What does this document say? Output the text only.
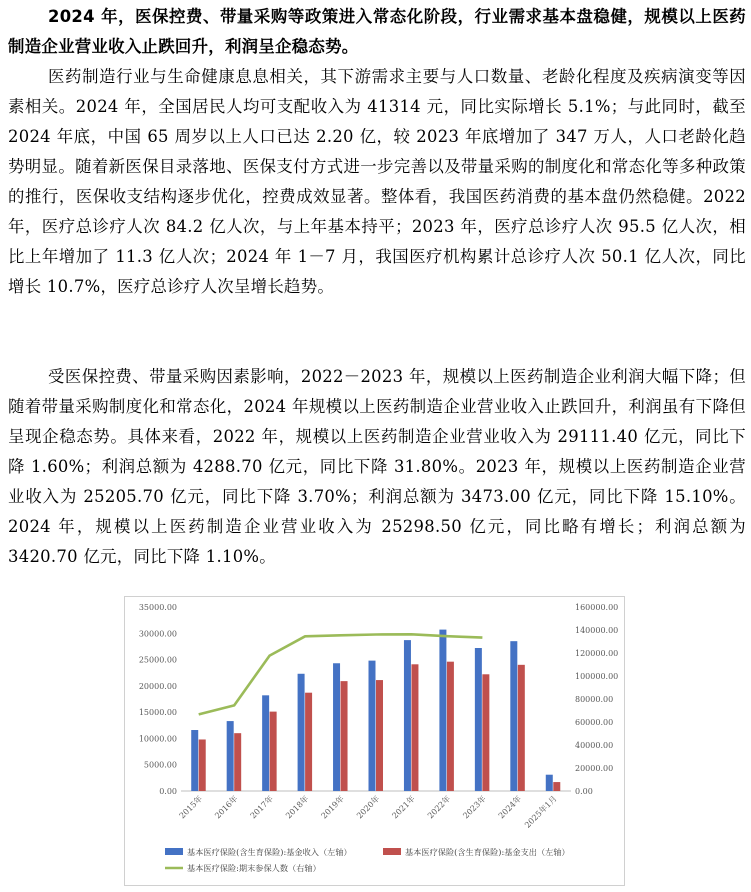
2024 年，医保控费、带量采购等政策进入常态化阶段，行业需求基本盘稳健，规模以上医药制造企业营业收入止跌回升，利润呈企稳态势。

医药制造行业与生命健康息息相关，其下游需求主要与人口数量、老龄化程度及疾病演变等因素相关。2024 年，全国居民人均可支配收入为 41314 元，同比实际增长 5.1%；与此同时，截至 2024 年底，中国 65 周岁以上人口已达 2.20 亿，较 2023 年底增加了 347 万人，人口老龄化趋势明显。随着新医保目录落地、医保支付方式进一步完善以及带量采购的制度化和常态化等多种政策的推行，医保收支结构逐步优化，控费成效显著。整体看，我国医药消费的基本盘仍然稳健。2022 年，医疗总诊疗人次 84.2 亿人次，与上年基本持平；2023 年，医疗总诊疗人次 95.5 亿人次，相比上年增加了 11.3 亿人次；2024 年 1－7 月，我国医疗机构累计总诊疗人次 50.1 亿人次，同比增长 10.7%，医疗总诊疗人次呈增长趋势。

受医保控费、带量采购因素影响，2022－2023 年，规模以上医药制造企业利润大幅下降；但随着带量采购制度化和常态化，2024 年规模以上医药制造企业营业收入止跌回升，利润虽有下降但呈现企稳态势。具体来看，2022 年，规模以上医药制造企业营业收入为 29111.40 亿元，同比下降 1.60%；利润总额为 4288.70 亿元，同比下降 31.80%。2023 年，规模以上医药制造企业营业收入为 25205.70 亿元，同比下降 3.70%；利润总额为 3473.00 亿元，同比下降 15.10%。2024 年，规模以上医药制造企业营业收入为 25298.50 亿元，同比略有增长；利润总额为 3420.70 亿元，同比下降 1.10%。

0.00
5000.00
10000.00
15000.00
20000.00
25000.00
30000.00
35000.00
0.00
20000.00
40000.00
60000.00
80000.00
100000.00
120000.00
140000.00
160000.00
2015年 2016年 2017年 2018年 2019年 2020年 2021年 2022年 2023年 2024年 2025年1月
基本医疗保险(含生育保险):基金收入（左轴）	基本医疗保险(含生育保险):基金支出（左轴）
基本医疗保险:期末参保人数（右轴）
